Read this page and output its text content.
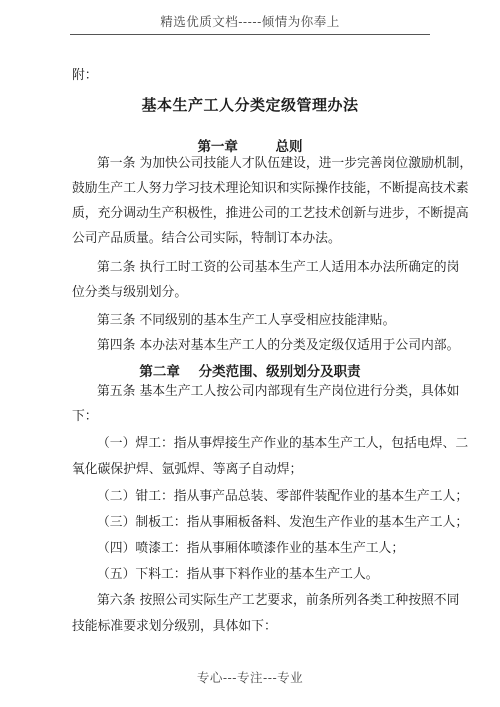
精选优质文档-----倾情为你奉上
附：
基本生产工人分类定级管理办法
第一章        总则
第一条 为加快公司技能人才队伍建设，进一步完善岗位激励机制，
鼓励生产工人努力学习技术理论知识和实际操作技能，不断提高技术素
质，充分调动生产积极性，推进公司的工艺技术创新与进步，不断提高
公司产品质量。结合公司实际，特制订本办法。
第二条 执行工时工资的公司基本生产工人适用本办法所确定的岗
位分类与级别划分。
第三条 不同级别的基本生产工人享受相应技能津贴。
第四条 本办法对基本生产工人的分类及定级仅适用于公司内部。
第二章    分类范围、级别划分及职责
第五条 基本生产工人按公司内部现有生产岗位进行分类，具体如
下：
（一）焊工：指从事焊接生产作业的基本生产工人，包括电焊、二
氧化碳保护焊、氩弧焊、等离子自动焊；
（二）钳工：指从事产品总装、零部件装配作业的基本生产工人；
（三）制板工：指从事厢板备料、发泡生产作业的基本生产工人；
（四）喷漆工：指从事厢体喷漆作业的基本生产工人；
（五）下料工：指从事下料作业的基本生产工人。
第六条 按照公司实际生产工艺要求，前条所列各类工种按照不同
技能标准要求划分级别，具体如下：
专心---专注---专业
